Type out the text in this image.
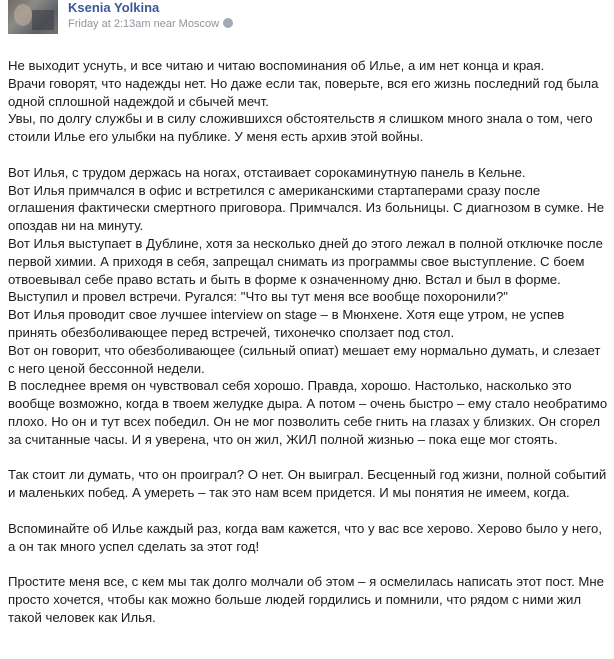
Ksenia Yolkina
Friday at 2:13am near Moscow

Не выходит уснуть, и все читаю и читаю воспоминания об Илье, а им нет конца и края.
Врачи говорят, что надежды нет. Но даже если так, поверьте, вся его жизнь последний год была одной сплошной надеждой и сбычей мечт.
Увы, по долгу службы и в силу сложившихся обстоятельств я слишком много знала о том, чего стоили Илье его улыбки на публике. У меня есть архив этой войны.

Вот Илья, с трудом держась на ногах, отстаивает сорокаминутную панель в Кельне.
Вот Илья примчался в офис и встретился с американскими стартаперами сразу после оглашения фактически смертного приговора. Примчался. Из больницы. С диагнозом в сумке. Не опоздав ни на минуту.
Вот Илья выступает в Дублине, хотя за несколько дней до этого лежал в полной отключке после первой химии. А приходя в себя, запрещал снимать из программы свое выступление. С боем отвоевывал себе право встать и быть в форме к означенному дню. Встал и был в форме. Выступил и провел встречи. Ругался: "Что вы тут меня все вообще похоронили?"
Вот Илья проводит свое лучшее interview on stage – в Мюнхене. Хотя еще утром, не успев принять обезболивающее перед встречей, тихонечко сползает под стол.
Вот он говорит, что обезболивающее (сильный опиат) мешает ему нормально думать, и слезает с него ценой бессонной недели.
В последнее время он чувствовал себя хорошо. Правда, хорошо. Настолько, насколько это вообще возможно, когда в твоем желудке дыра. А потом – очень быстро – ему стало необратимо плохо. Но он и тут всех победил. Он не мог позволить себе гнить на глазах у близких. Он сгорел за считанные часы. И я уверена, что он жил, ЖИЛ полной жизнью – пока еще мог стоять.

Так стоит ли думать, что он проиграл? О нет. Он выиграл. Бесценный год жизни, полной событий и маленьких побед. А умереть – так это нам всем придется. И мы понятия не имеем, когда.

Вспоминайте об Илье каждый раз, когда вам кажется, что у вас все херово. Херово было у него, а он так много успел сделать за этот год!

Простите меня все, с кем мы так долго молчали об этом – я осмелилась написать этот пост. Мне просто хочется, чтобы как можно больше людей гордились и помнили, что рядом с ними жил такой человек как Илья.
